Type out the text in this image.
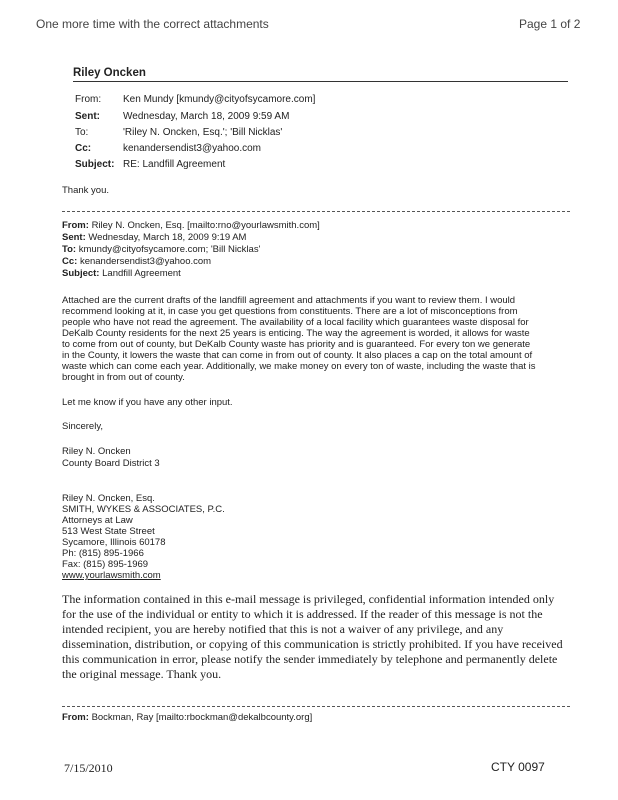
One more time with the correct attachments	Page 1 of 2
Riley Oncken
From: Ken Mundy [kmundy@cityofsycamore.com]
Sent: Wednesday, March 18, 2009 9:59 AM
To:	'Riley N. Oncken, Esq.'; 'Bill Nicklas'
Cc:	kenandersendist3@yahoo.com
Subject: RE: Landfill Agreement
Thank you.
From: Riley N. Oncken, Esq. [mailto:rno@yourlawsmith.com]
Sent: Wednesday, March 18, 2009 9:19 AM
To: kmundy@cityofsycamore.com; 'Bill Nicklas'
Cc: kenandersendist3@yahoo.com
Subject: Landfill Agreement
Attached are the current drafts of the landfill agreement and attachments if you want to review them. I would
recommend looking at it, in case you get questions from constituents. There are a lot of misconceptions from
people who have not read the agreement. The availability of a local facility which guarantees waste disposal for
DeKalb County residents for the next 25 years is enticing. The way the agreement is worded, it allows for waste
to come from out of county, but DeKalb County waste has priority and is guaranteed. For every ton we generate
in the County, it lowers the waste that can come in from out of county. It also places a cap on the total amount of
waste which can come each year. Additionally, we make money on every ton of waste, including the waste that is
brought in from out of county.
Let me know if you have any other input.
Sincerely,
Riley N. Oncken
County Board District 3
Riley N. Oncken, Esq.
SMITH, WYKES & ASSOCIATES, P.C.
Attorneys at Law
513 West State Street
Sycamore, Illinois 60178
Ph: (815) 895-1966
Fax: (815) 895-1969
www.yourlawsmith.com
The information contained in this e-mail message is privileged, confidential information intended only
for the use of the individual or entity to which it is addressed. If the reader of this message is not the
intended recipient, you are hereby notified that this is not a waiver of any privilege, and any
dissemination, distribution, or copying of this communication is strictly prohibited. If you have received
this communication in error, please notify the sender immediately by telephone and permanently delete
the original message. Thank you.
From: Bockman, Ray [mailto:rbockman@dekalbcounty.org]
7/15/2010	CTY 0097
